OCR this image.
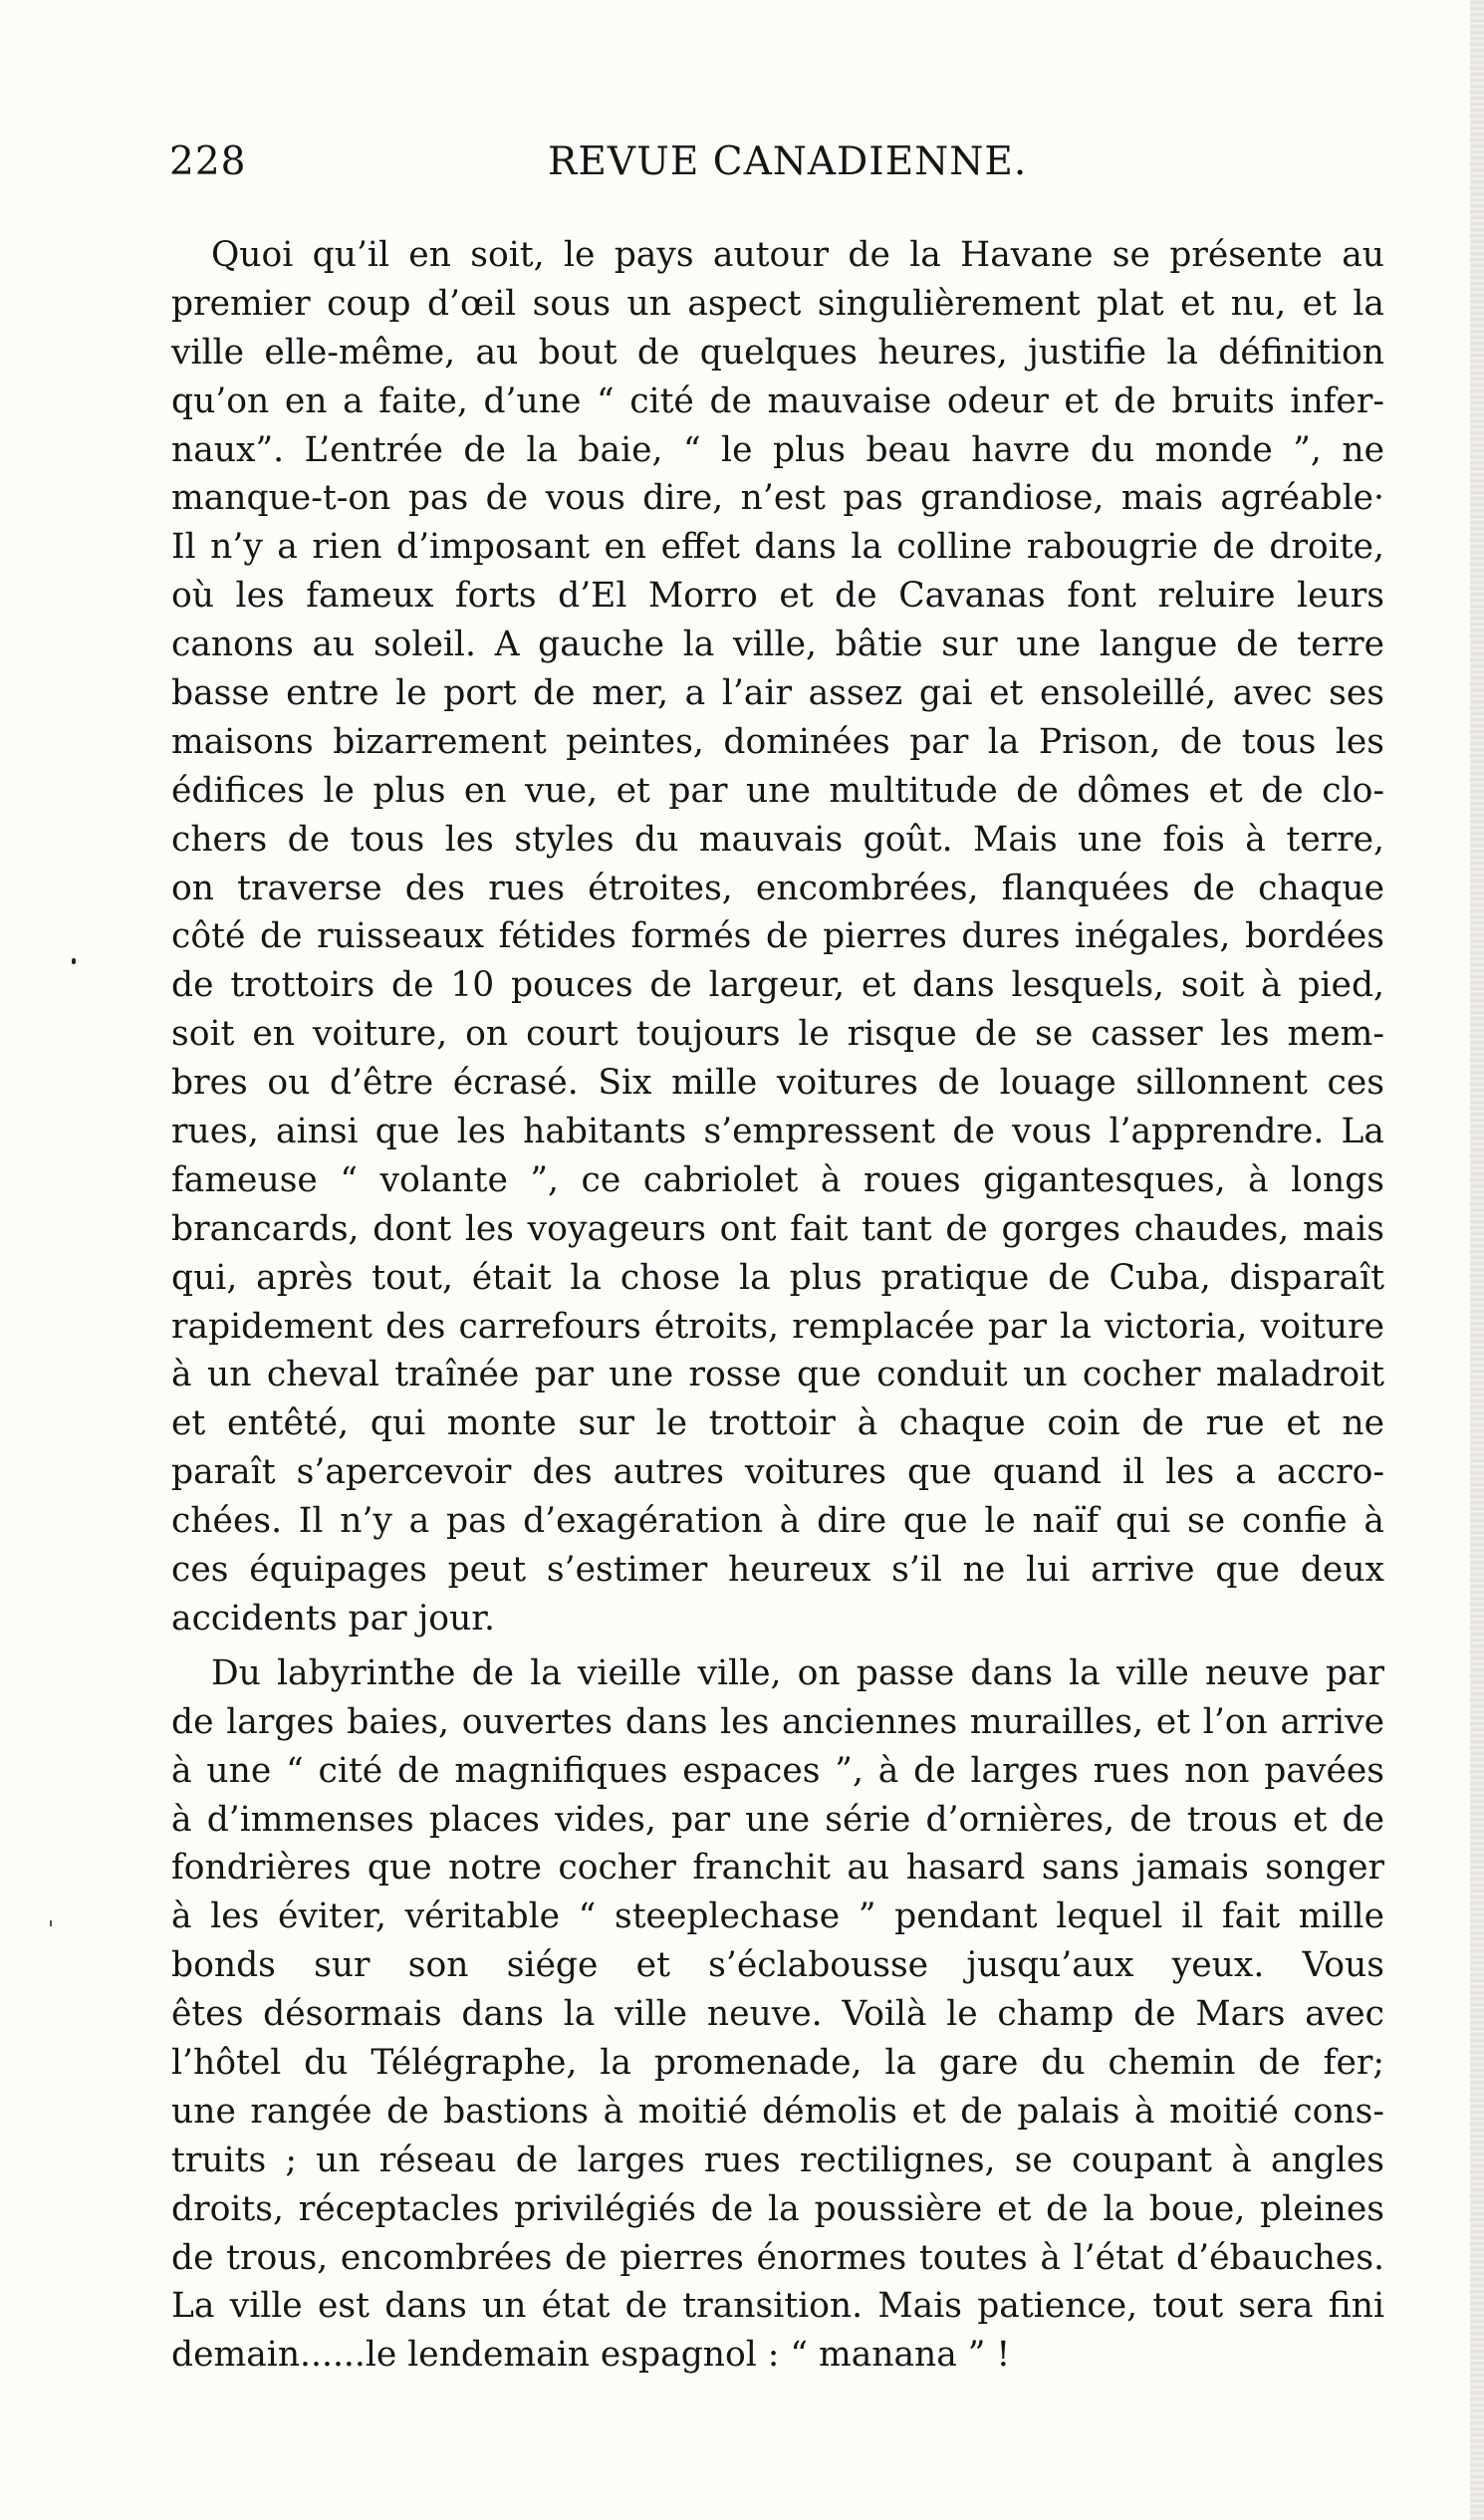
228	REVUE CANADIENNE.
Quoi qu’il en soit, le pays autour de la Havane se présente au
premier coup d’œil sous un aspect singulièrement plat et nu, et la
ville elle-même, au bout de quelques heures, justifie la définition
qu’on en a faite, d’une “ cité de mauvaise odeur et de bruits infer-
naux”. L’entrée de la baie, “ le plus beau havre du monde ”, ne
manque-t-on pas de vous dire, n’est pas grandiose, mais agréable·
Il n’y a rien d’imposant en effet dans la colline rabougrie de droite,
où les fameux forts d’El Morro et de Cavanas font reluire leurs
canons au soleil. A gauche la ville, bâtie sur une langue de terre
basse entre le port de mer, a l’air assez gai et ensoleillé, avec ses
maisons bizarrement peintes, dominées par la Prison, de tous les
édifices le plus en vue, et par une multitude de dômes et de clo-
chers de tous les styles du mauvais goût. Mais une fois à terre,
on traverse des rues étroites, encombrées, flanquées de chaque
côté de ruisseaux fétides formés de pierres dures inégales, bordées
de trottoirs de 10 pouces de largeur, et dans lesquels, soit à pied,
soit en voiture, on court toujours le risque de se casser les mem-
bres ou d’être écrasé. Six mille voitures de louage sillonnent ces
rues, ainsi que les habitants s’empressent de vous l’apprendre. La
fameuse “ volante ”, ce cabriolet à roues gigantesques, à longs
brancards, dont les voyageurs ont fait tant de gorges chaudes, mais
qui, après tout, était la chose la plus pratique de Cuba, disparaît
rapidement des carrefours étroits, remplacée par la victoria, voiture
à un cheval traînée par une rosse que conduit un cocher maladroit
et entêté, qui monte sur le trottoir à chaque coin de rue et ne
paraît s’apercevoir des autres voitures que quand il les a accro-
chées. Il n’y a pas d’exagération à dire que le naïf qui se confie à
ces équipages peut s’estimer heureux s’il ne lui arrive que deux
accidents par jour.
Du labyrinthe de la vieille ville, on passe dans la ville neuve par
de larges baies, ouvertes dans les anciennes murailles, et l’on arrive
à une “ cité de magnifiques espaces ”, à de larges rues non pavées
à d’immenses places vides, par une série d’ornières, de trous et de
fondrières que notre cocher franchit au hasard sans jamais songer
à les éviter, véritable “ steeplechase ” pendant lequel il fait mille
bonds sur son siége et s’éclabousse jusqu’aux yeux. Vous
êtes désormais dans la ville neuve. Voilà le champ de Mars avec
l’hôtel du Télégraphe, la promenade, la gare du chemin de fer;
une rangée de bastions à moitié démolis et de palais à moitié cons-
truits ; un réseau de larges rues rectilignes, se coupant à angles
droits, réceptacles privilégiés de la poussière et de la boue, pleines
de trous, encombrées de pierres énormes toutes à l’état d’ébauches.
La ville est dans un état de transition. Mais patience, tout sera fini
demain......le lendemain espagnol : “ manana ” !
